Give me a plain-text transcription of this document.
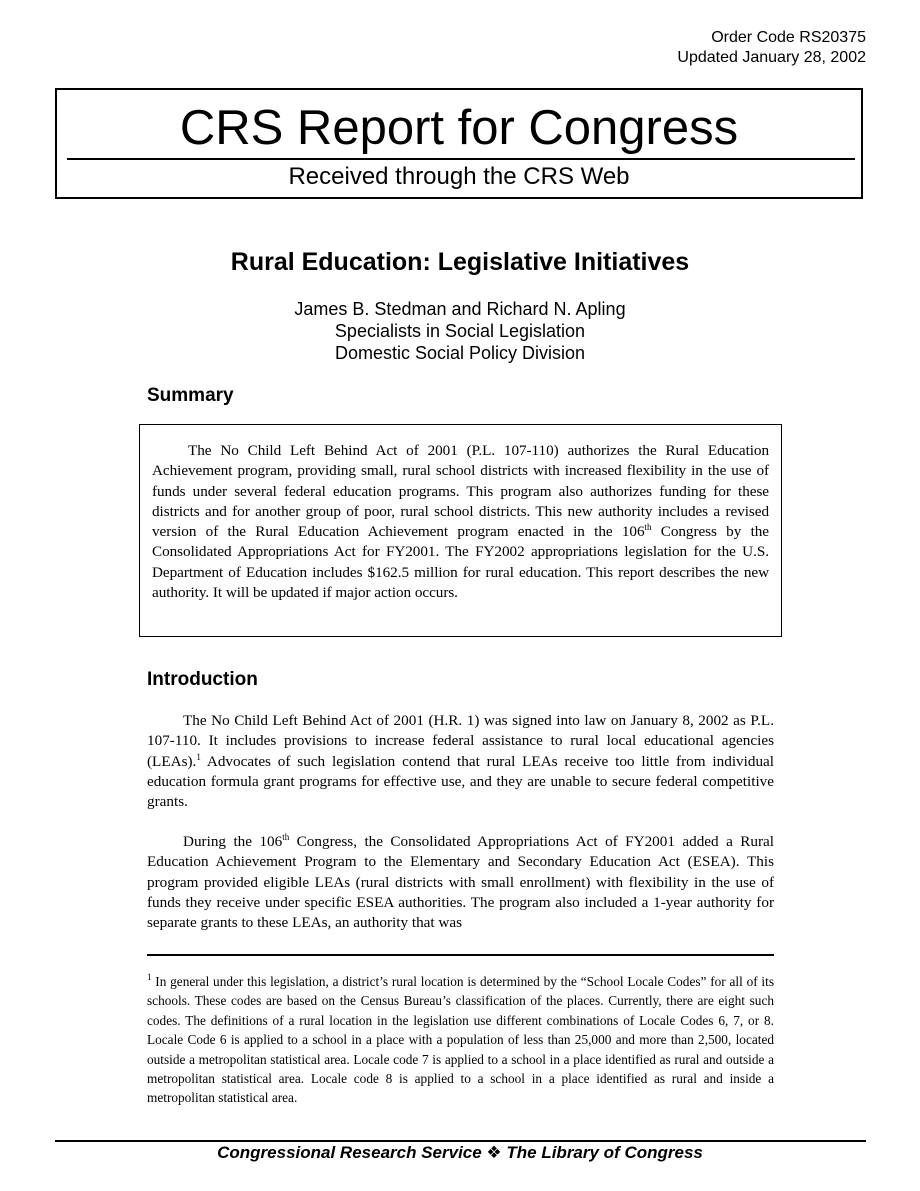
Order Code RS20375
Updated January 28, 2002
CRS Report for Congress
Received through the CRS Web
Rural Education: Legislative Initiatives
James B. Stedman and Richard N. Apling
Specialists in Social Legislation
Domestic Social Policy Division
Summary

The No Child Left Behind Act of 2001 (P.L. 107-110) authorizes the Rural Education Achievement program, providing small, rural school districts with increased flexibility in the use of funds under several federal education programs. This program also authorizes funding for these districts and for another group of poor, rural school districts. This new authority includes a revised version of the Rural Education Achievement program enacted in the 106th Congress by the Consolidated Appropriations Act for FY2001. The FY2002 appropriations legislation for the U.S. Department of Education includes $162.5 million for rural education. This report describes the new authority. It will be updated if major action occurs.

Introduction

The No Child Left Behind Act of 2001 (H.R. 1) was signed into law on January 8, 2002 as P.L. 107-110. It includes provisions to increase federal assistance to rural local educational agencies (LEAs).$^1$ Advocates of such legislation contend that rural LEAs receive too little from individual education formula grant programs for effective use, and they are unable to secure federal competitive grants.

During the 106th Congress, the Consolidated Appropriations Act of FY2001 added a Rural Education Achievement Program to the Elementary and Secondary Education Act (ESEA). This program provided eligible LEAs (rural districts with small enrollment) with flexibility in the use of funds they receive under specific ESEA authorities. The program also included a 1-year authority for separate grants to these LEAs, an authority that was

$^1$ In general under this legislation, a district’s rural location is determined by the “School Locale Codes” for all of its schools. These codes are based on the Census Bureau’s classification of the places. Currently, there are eight such codes. The definitions of a rural location in the legislation use different combinations of Locale Codes 6, 7, or 8. Locale Code 6 is applied to a school in a place with a population of less than 25,000 and more than 2,500, located outside a metropolitan statistical area. Locale code 7 is applied to a school in a place identified as rural and outside a metropolitan statistical area. Locale code 8 is applied to a school in a place identified as rural and inside a metropolitan statistical area.

Congressional Research Service ❖ The Library of Congress
